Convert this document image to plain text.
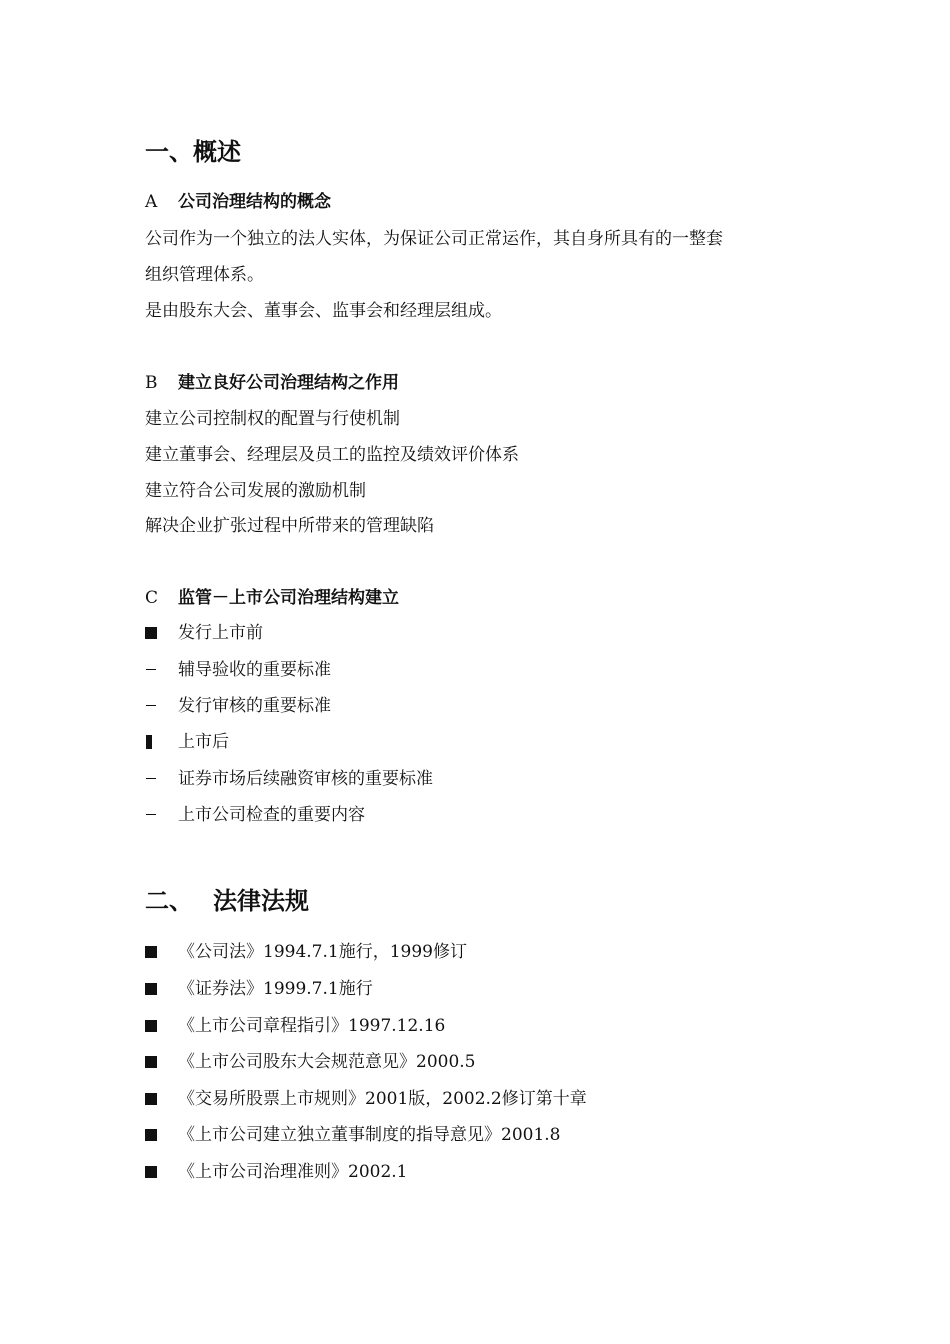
一、概述
A 公司治理结构的概念
公司作为一个独立的法人实体，为保证公司正常运作，其自身所具有的一整套
组织管理体系。
是由股东大会、董事会、监事会和经理层组成。
B 建立良好公司治理结构之作用
建立公司控制权的配置与行使机制
建立董事会、经理层及员工的监控及绩效评价体系
建立符合公司发展的激励机制
解决企业扩张过程中所带来的管理缺陷
C 监管－上市公司治理结构建立
发行上市前
辅导验收的重要标准
发行审核的重要标准
上市后
证券市场后续融资审核的重要标准
上市公司检查的重要内容
二、 法律法规
《公司法》1994.7.1施行，1999修订
《证券法》1999.7.1施行
《上市公司章程指引》1997.12.16
《上市公司股东大会规范意见》2000.5
《交易所股票上市规则》2001版，2002.2修订第十章
《上市公司建立独立董事制度的指导意见》2001.8
《上市公司治理准则》2002.1
